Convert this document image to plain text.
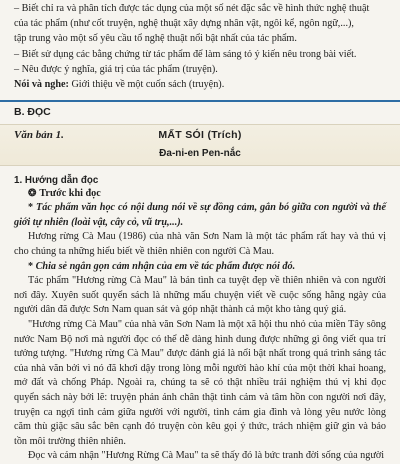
– Biết chỉ ra và phân tích được tác dụng của một số nét đặc sắc về hình thức nghệ thuật

của tác phẩm (như cốt truyện, nghệ thuật xây dựng nhân vật, ngôi kể, ngôn ngữ,...),

tập trung vào một số yêu cầu tổ nghệ thuật nổi bật nhất của tác phẩm.

– Biết sử dụng các bằng chứng từ tác phẩm để làm sáng tỏ ý kiến nêu trong bài viết.

– Nêu được ý nghĩa, giá trị của tác phẩm (truyện).

Nói và nghe: Giới thiệu về một cuốn sách (truyện).

B. ĐỌC
Văn bản 1.	MẤT SÓI (Trích)
Đa-ni-en Pen-nắc
1. Hướng dẫn đọc
❂ Trước khi đọc

* Tác phẩm văn học có nội dung nói về sự đồng cảm, gắn bó giữa con người và thế giới tự nhiên (loài vật, cây cỏ, vũ trụ,...).

Hương rừng Cà Mau (1986) của nhà văn Sơn Nam là một tác phẩm rất hay và thú vị cho chúng ta những hiểu biết về thiên nhiên con người Cà Mau.

* Chia sẻ ngắn gọn cảm nhận của em về tác phẩm được nói đó.

Tác phẩm "Hương rừng Cà Mau" là bản tình ca tuyệt đẹp về thiên nhiên và con người nơi đây. Xuyên suốt quyển sách là những mẩu chuyện viết về cuộc sống hằng ngày của người dân đã được Sơn Nam quan sát và góp nhặt thành cả một kho tàng quý giá.

"Hương rừng Cà Mau" của nhà văn Sơn Nam là một xã hội thu nhỏ của miền Tây sông nước Nam Bộ nơi mà người đọc có thể dễ dàng hình dung được những gì ông viết qua trí tưởng tượng. "Hương rừng Cà Mau" được đánh giá là nổi bật nhất trong quá trình sáng tác của nhà văn bởi vì nó đã khơi dậy trong lòng mỗi người hào khí của một thời khai hoang, mở đất và chống Pháp. Ngoài ra, chúng ta sẽ có thật nhiều trải nghiệm thú vị khi đọc quyển sách này bởi lẽ: truyện phản ánh chân thật tình cảm và tâm hồn con người nơi đây, truyện ca ngợi tình cảm giữa người với người, tình cảm gia đình và lòng yêu nước lòng căm thù giặc sâu sắc bên cạnh đó truyện còn kêu gọi ý thức, trách nhiệm giữ gìn và bảo tồn môi trường thiên nhiên.

Đọc và cảm nhận "Hương Rừng Cà Mau" ta sẽ thấy đó là bức tranh đời sống của người
